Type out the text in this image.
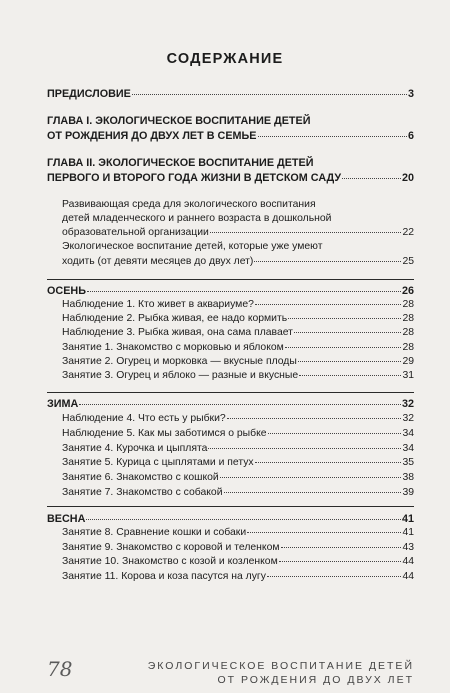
СОДЕРЖАНИЕ
ПРЕДИСЛОВИЕ	3
ГЛАВА I. ЭКОЛОГИЧЕСКОЕ ВОСПИТАНИЕ ДЕТЕЙ
ОТ РОЖДЕНИЯ ДО ДВУХ ЛЕТ В СЕМЬЕ	6
ГЛАВА II. ЭКОЛОГИЧЕСКОЕ ВОСПИТАНИЕ ДЕТЕЙ
ПЕРВОГО И ВТОРОГО ГОДА ЖИЗНИ В ДЕТСКОМ САДУ	20
Развивающая среда для экологического воспитания
детей младенческого и раннего возраста в дошкольной
образовательной организации	22
Экологическое воспитание детей, которые уже умеют
ходить (от девяти месяцев до двух лет)	25
ОСЕНЬ	26
Наблюдение 1. Кто живет в аквариуме?	28
Наблюдение 2. Рыбка живая, ее надо кормить	28
Наблюдение 3. Рыбка живая, она сама плавает	28
Занятие 1. Знакомство с морковью и яблоком	28
Занятие 2. Огурец и морковка — вкусные плоды	29
Занятие 3. Огурец и яблоко — разные и вкусные	31
ЗИМА	32
Наблюдение 4. Что есть у рыбки?	32
Наблюдение 5. Как мы заботимся о рыбке	34
Занятие 4. Курочка и цыплята	34
Занятие 5. Курица с цыплятами и петух	35
Занятие 6. Знакомство с кошкой	38
Занятие 7. Знакомство с собакой	39
ВЕСНА	41
Занятие 8. Сравнение кошки и собаки	41
Занятие 9. Знакомство с коровой и теленком	43
Занятие 10. Знакомство с козой и козленком	44
Занятие 11. Корова и коза пасутся на лугу	44
78	ЭКОЛОГИЧЕСКОЕ ВОСПИТАНИЕ ДЕТЕЙ
ОТ РОЖДЕНИЯ ДО ДВУХ ЛЕТ
